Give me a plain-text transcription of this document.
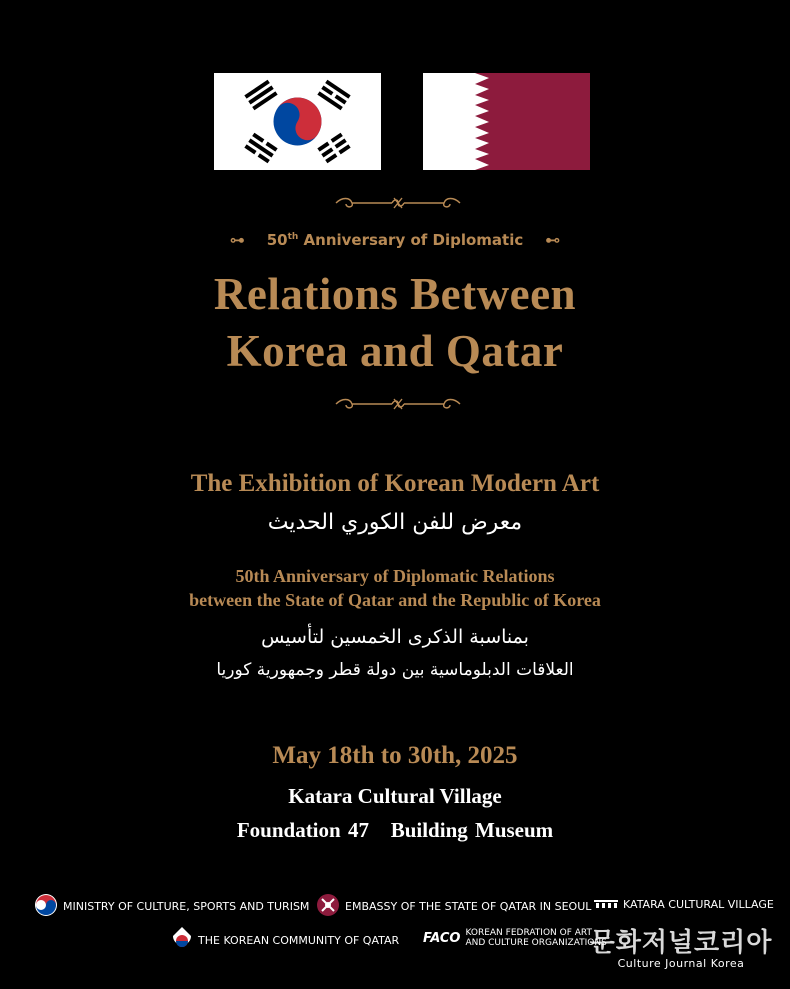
⊶ 50th Anniversary of Diplomatic ⊷
Relations Between
Korea and Qatar
The Exhibition of Korean Modern Art
معرض للفن الكوري الحديث
50th Anniversary of Diplomatic Relations
between the State of Qatar and the Republic of Korea
بمناسبة الذكرى الخمسين لتأسيس
العلاقات الدبلوماسية بين دولة قطر وجمهورية كوريا
May 18th to 30th, 2025
Katara Cultural Village
Foundation 47   Building Museum
MINISTRY OF CULTURE, SPORTS AND TURISM	EMBASSY OF THE STATE OF QATAR IN SEOUL	KATARA CULTURAL VILLAGE
THE KOREAN COMMUNITY OF QATAR FACO KOREAN FEDRATION OF ART
AND CULTURE ORGANIZATIONS
문화저널코리아
Culture Journal Korea
